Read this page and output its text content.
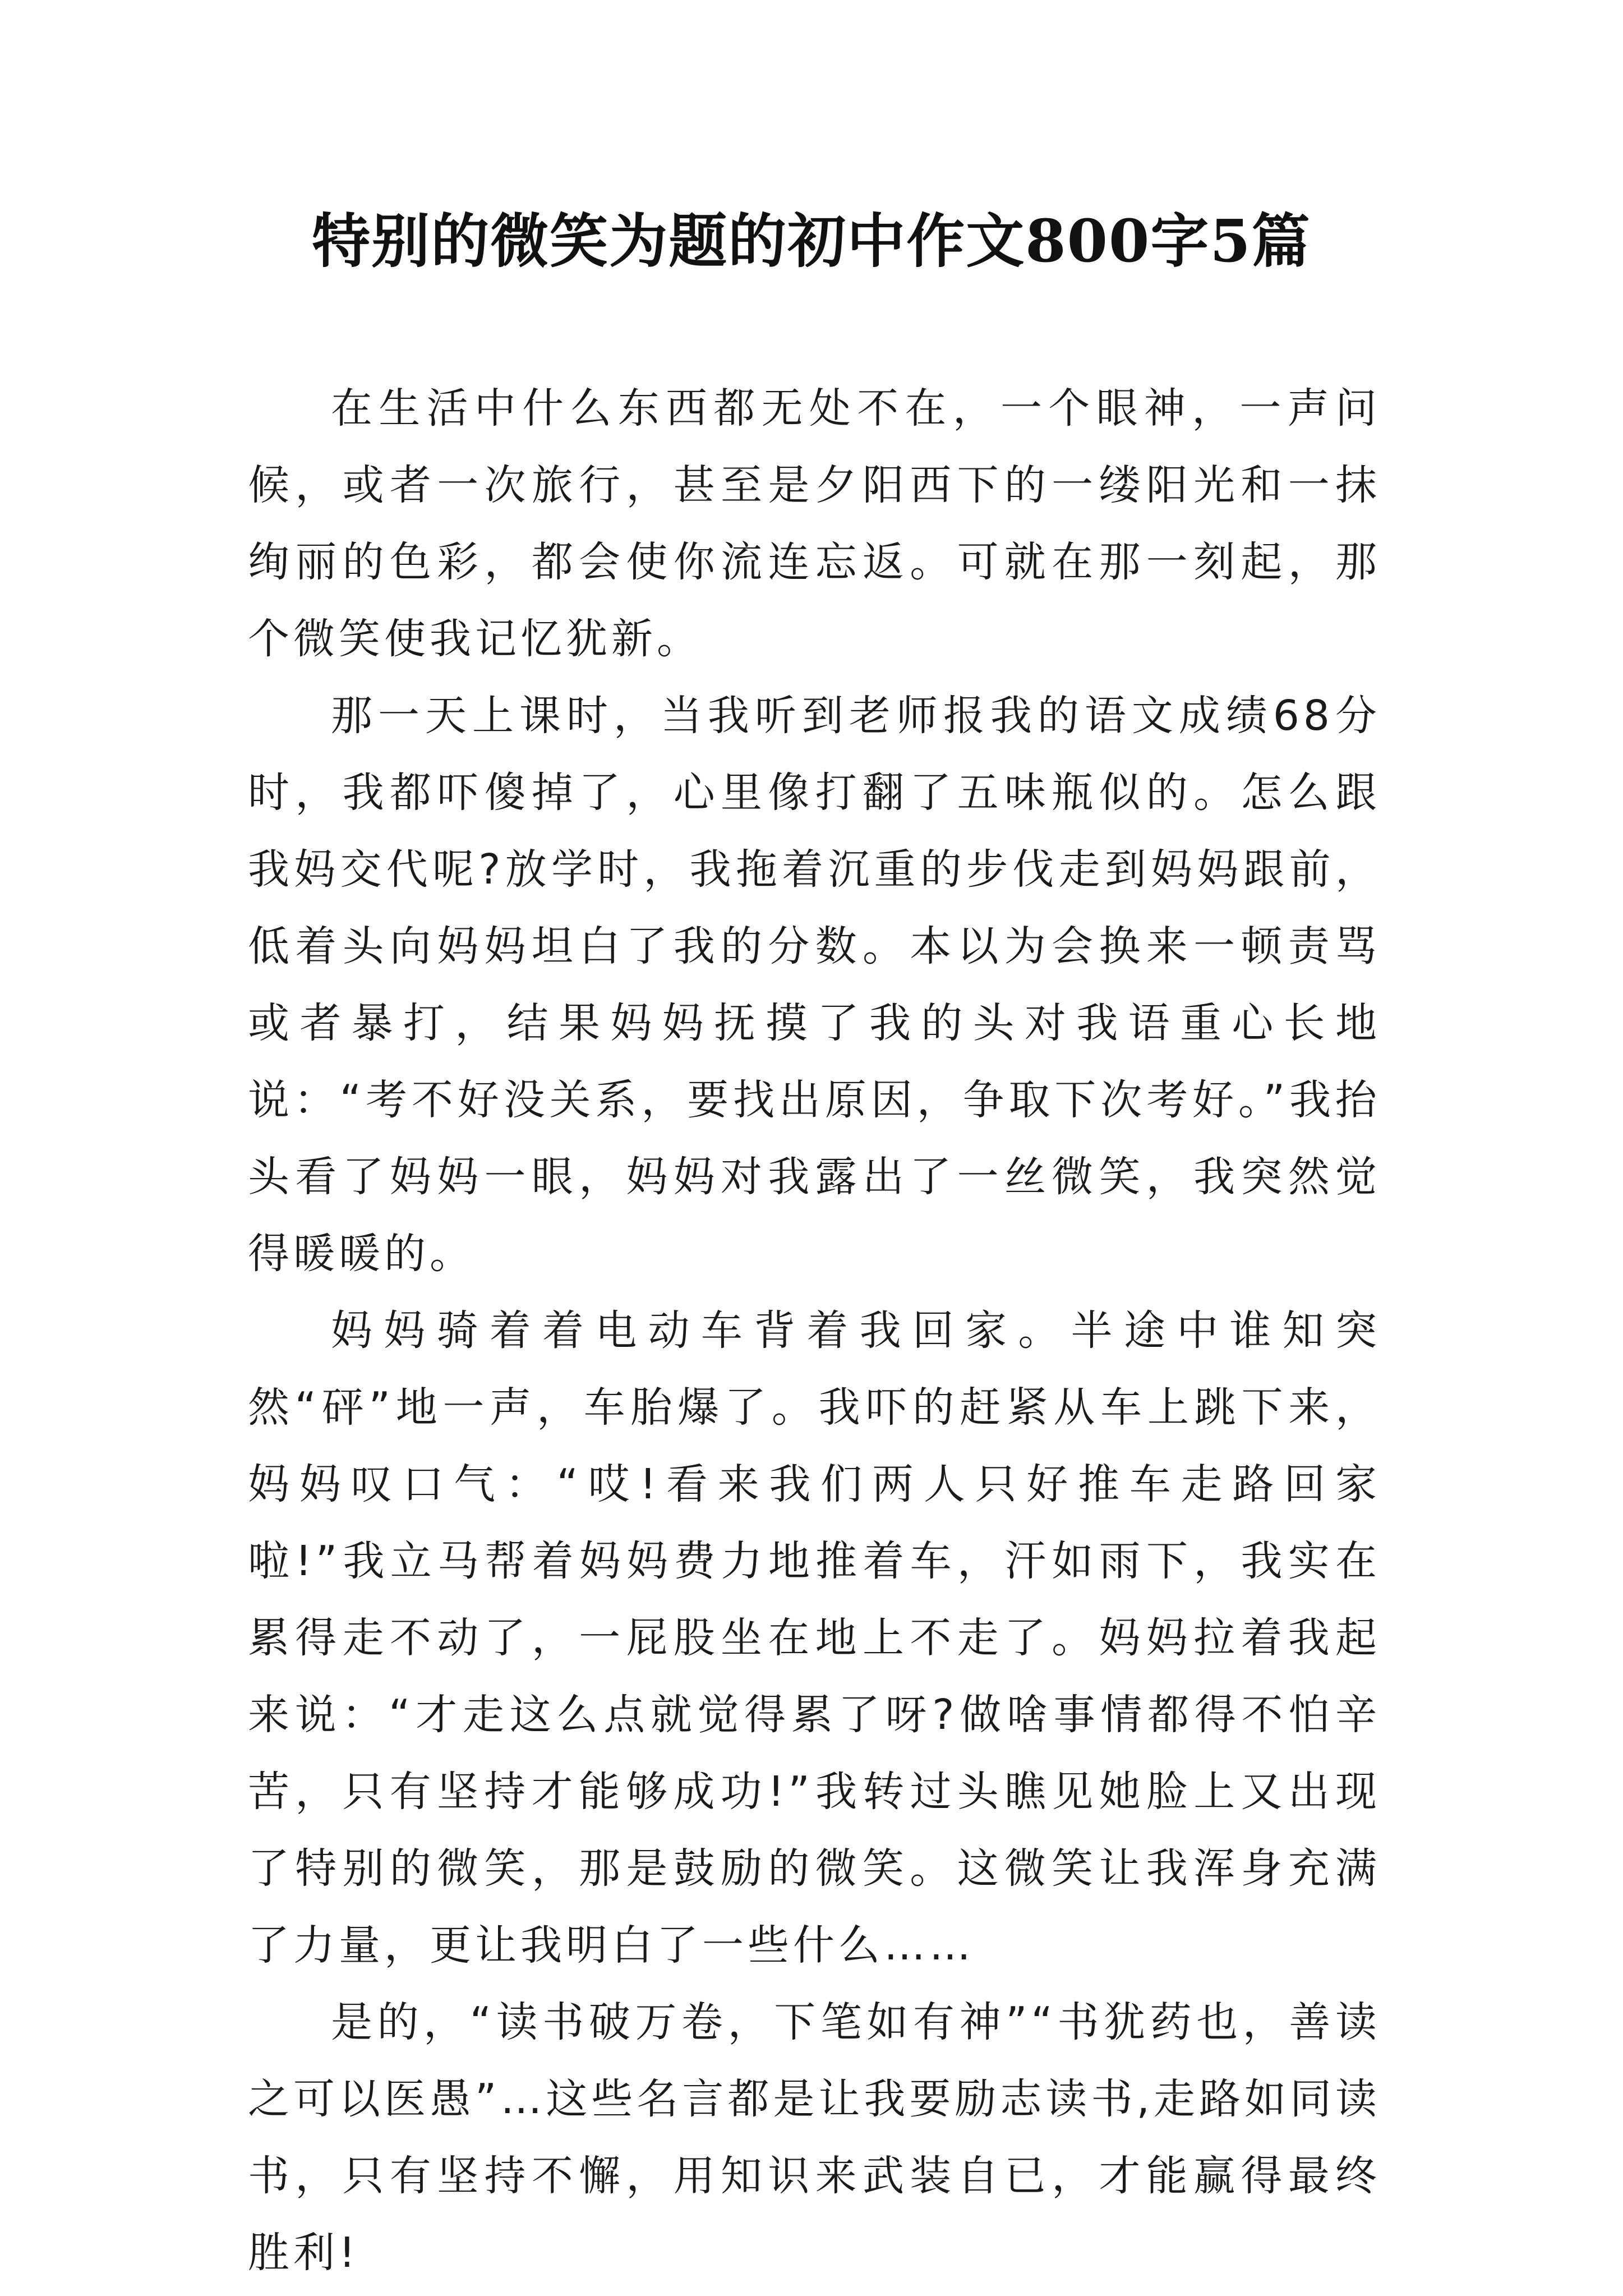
特别的微笑为题的初中作文800字5篇

在生活中什么东西都无处不在，一个眼神，一声问候，或者一次旅行，甚至是夕阳西下的一缕阳光和一抹绚丽的色彩，都会使你流连忘返。可就在那一刻起，那个微笑使我记忆犹新。

那一天上课时，当我听到老师报我的语文成绩68分时，我都吓傻掉了，心里像打翻了五味瓶似的。怎么跟我妈交代呢?放学时，我拖着沉重的步伐走到妈妈跟前，低着头向妈妈坦白了我的分数。本以为会换来一顿责骂或者暴打，结果妈妈抚摸了我的头对我语重心长地说：“考不好没关系，要找出原因，争取下次考好。”我抬头看了妈妈一眼，妈妈对我露出了一丝微笑，我突然觉得暖暖的。

妈妈骑着着电动车背着我回家。半途中谁知突然“砰”地一声，车胎爆了。我吓的赶紧从车上跳下来，妈妈叹口气：“哎!看来我们两人只好推车走路回家啦!”我立马帮着妈妈费力地推着车，汗如雨下，我实在累得走不动了，一屁股坐在地上不走了。妈妈拉着我起来说：“才走这么点就觉得累了呀?做啥事情都得不怕辛苦，只有坚持才能够成功!”我转过头瞧见她脸上又出现了特别的微笑，那是鼓励的微笑。这微笑让我浑身充满了力量，更让我明白了一些什么……

是的，“读书破万卷，下笔如有神”“书犹药也，善读之可以医愚”…这些名言都是让我要励志读书,走路如同读书，只有坚持不懈，用知识来武装自已，才能赢得最终胜利!
